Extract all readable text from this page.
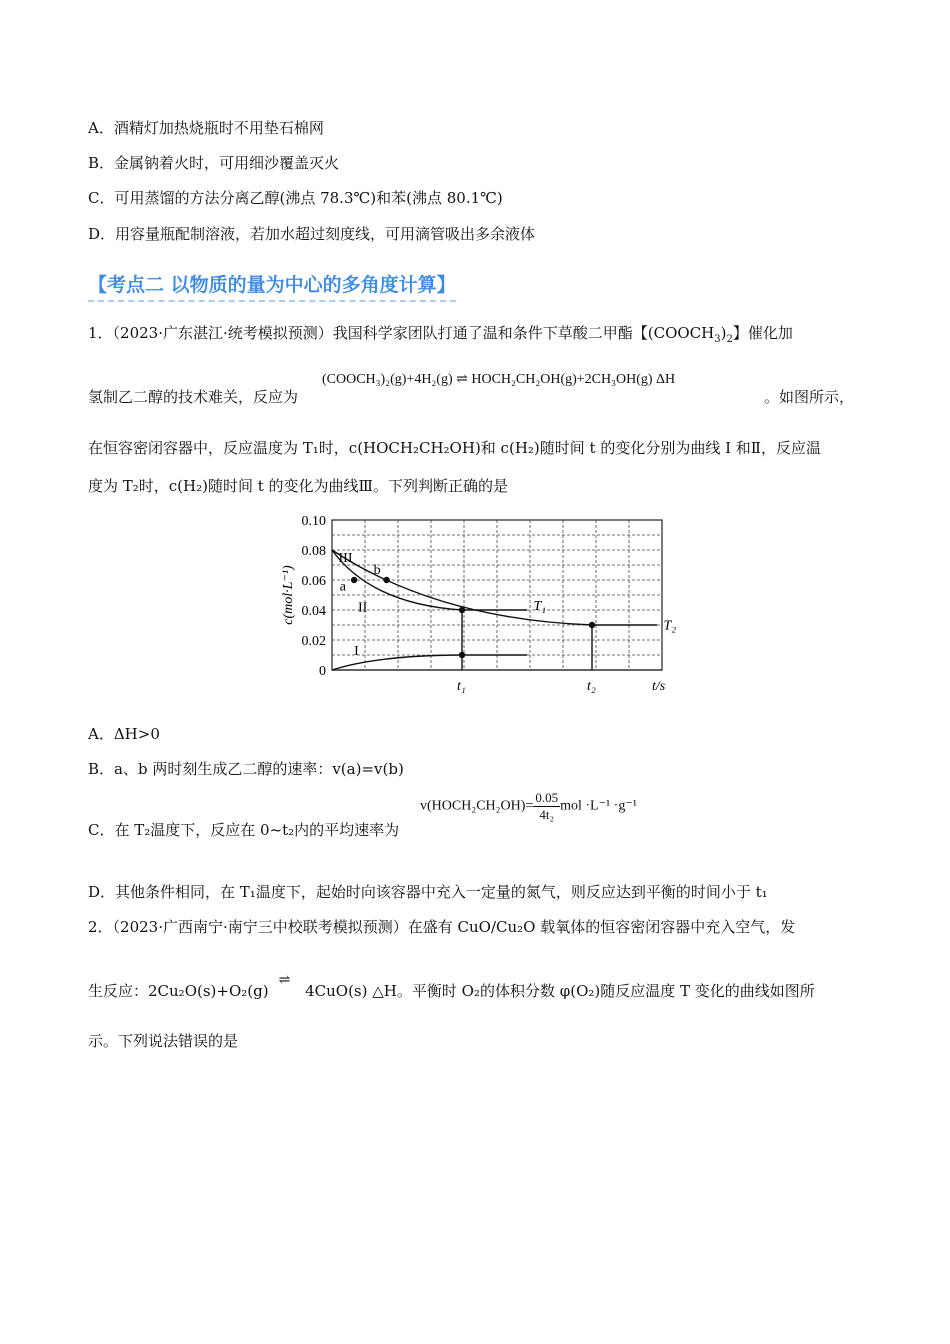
A．酒精灯加热烧瓶时不用垫石棉网
B．金属钠着火时，可用细沙覆盖灭火
C．可用蒸馏的方法分离乙醇(沸点 78.3℃)和苯(沸点 80.1℃)
D．用容量瓶配制溶液，若加水超过刻度线，可用滴管吸出多余液体
【考点二 以物质的量为中心的多角度计算】
1．（2023·广东湛江·统考模拟预测）我国科学家团队打通了温和条件下草酸二甲酯【$(COOCH_3)_2$】催化加
氢制乙二醇的技术难关，反应为
(COOCH₃)₂(g)+4H₂(g) ⇌ HOCH₂CH₂OH(g)+2CH₃OH(g) ΔH
。如图所示，
在恒容密闭容器中，反应温度为 T₁时，c(HOCH₂CH₂OH)和 c(H₂)随时间 t 的变化分别为曲线 I 和Ⅱ，反应温
度为 T₂时，c(H₂)随时间 t 的变化为曲线Ⅲ。下列判断正确的是
0.10
0.08
0.06
0.04
0.02
0
c(mol·L⁻¹)
III
a
b
II
I
T₁
T₂
t₁	t₂	t/s
A．ΔH>0
B．a、b 两时刻生成乙二醇的速率：v(a)=v(b)
C．在 T₂温度下，反应在 0~t₂内的平均速率为
v(HOCH₂CH₂OH)= $\frac{0.05}{\text{4t₂}}$ mol ·L⁻¹ ·g⁻¹
D．其他条件相同，在 T₁温度下，起始时向该容器中充入一定量的氮气，则反应达到平衡的时间小于 t₁
2．（2023·广西南宁·南宁三中校联考模拟预测）在盛有 CuO/Cu₂O 载氧体的恒容密闭容器中充入空气，发
生反应：2Cu₂O(s)+O₂(g)⇌ 4CuO(s) △H。平衡时 O₂的体积分数 φ(O₂)随反应温度 T 变化的曲线如图所
示。下列说法错误的是
